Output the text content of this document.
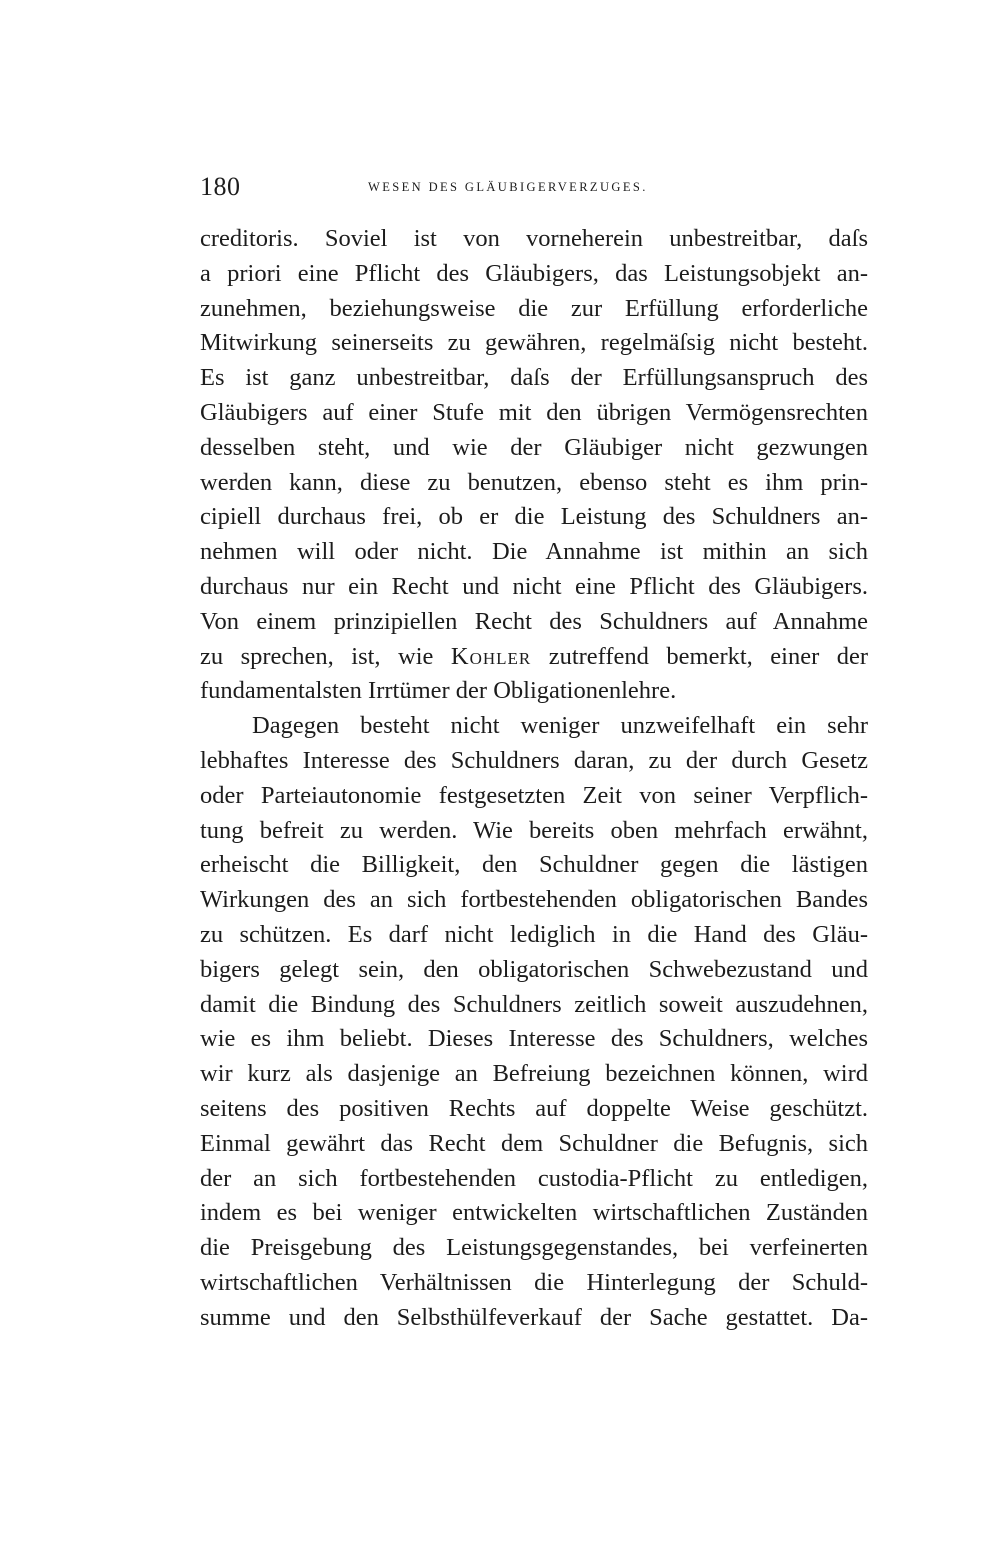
180	WESEN DES GLÄUBIGERVERZUGES.
creditoris. Soviel ist von vorneherein unbestreitbar, daſs
a priori eine Pflicht des Gläubigers, das Leistungsobjekt an-
zunehmen, beziehungsweise die zur Erfüllung erforderliche
Mitwirkung seinerseits zu gewähren, regelmäſsig nicht besteht.
Es ist ganz unbestreitbar, daſs der Erfüllungsanspruch des
Gläubigers auf einer Stufe mit den übrigen Vermögensrechten
desselben steht, und wie der Gläubiger nicht gezwungen
werden kann, diese zu benutzen, ebenso steht es ihm prin-
cipiell durchaus frei, ob er die Leistung des Schuldners an-
nehmen will oder nicht. Die Annahme ist mithin an sich
durchaus nur ein Recht und nicht eine Pflicht des Gläubigers.
Von einem prinzipiellen Recht des Schuldners auf Annahme
zu sprechen, ist, wie Kohler zutreffend bemerkt, einer der
fundamentalsten Irrtümer der Obligationenlehre.
Dagegen besteht nicht weniger unzweifelhaft ein sehr
lebhaftes Interesse des Schuldners daran, zu der durch Gesetz
oder Parteiautonomie festgesetzten Zeit von seiner Verpflich-
tung befreit zu werden. Wie bereits oben mehrfach erwähnt,
erheischt die Billigkeit, den Schuldner gegen die lästigen
Wirkungen des an sich fortbestehenden obligatorischen Bandes
zu schützen. Es darf nicht lediglich in die Hand des Gläu-
bigers gelegt sein, den obligatorischen Schwebezustand und
damit die Bindung des Schuldners zeitlich soweit auszudehnen,
wie es ihm beliebt. Dieses Interesse des Schuldners, welches
wir kurz als dasjenige an Befreiung bezeichnen können, wird
seitens des positiven Rechts auf doppelte Weise geschützt.
Einmal gewährt das Recht dem Schuldner die Befugnis, sich
der an sich fortbestehenden custodia-Pflicht zu entledigen,
indem es bei weniger entwickelten wirtschaftlichen Zuständen
die Preisgebung des Leistungsgegenstandes, bei verfeinerten
wirtschaftlichen Verhältnissen die Hinterlegung der Schuld-
summe und den Selbsthülfeverkauf der Sache gestattet. Da-
